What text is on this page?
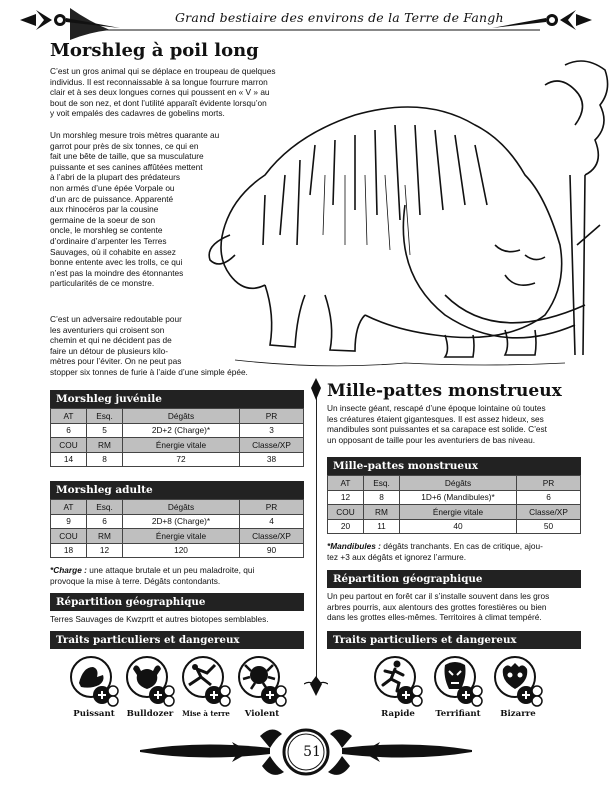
Grand bestiaire des environs de la Terre de Fangh
Morshleg à poil long
C’est un gros animal qui se déplace en troupeau de quelques
individus. Il est reconnaissable à sa longue fourrure marron
clair et à ses deux longues cornes qui poussent en « V » au
bout de son nez, et dont l’utilité apparaît évidente lorsqu’on
y voit empalés des cadavres de gobelins morts.
Un morshleg mesure trois mètres quarante au
garrot pour près de six tonnes, ce qui en
fait une bête de taille, que sa musculature
puissante et ses canines affûtées mettent
à l’abri de la plupart des prédateurs
non armés d’une épée Vorpale ou
d’un arc de puissance. Apparenté
aux rhinocéros par la cousine
germaine de la soeur de son
oncle, le morshleg se contente
d’ordinaire d’arpenter les Terres
Sauvages, où il cohabite en assez
bonne entente avec les trolls, ce qui
n’est pas la moindre des étonnantes
particularités de ce monstre.
C’est un adversaire redoutable pour
les aventuriers qui croisent son
chemin et qui ne décident pas de
faire un détour de plusieurs kilo-
mètres pour l’éviter. On ne peut pas
stopper six tonnes de furie à l’aide d’une simple épée.
Morshleg juvénile
AT	Esq.	Dégâts	PR
6	5	2D+2 (Charge)*	3
COU	RM	Énergie vitale	Classe/XP
14	8	72	38
Morshleg adulte
AT	Esq.	Dégâts	PR
9	6	2D+8 (Charge)*	4
COU	RM	Énergie vitale	Classe/XP
18	12	120	90
*Charge : une attaque brutale et un peu maladroite, qui
provoque la mise à terre. Dégâts contondants.
Répartition géographique
Terres Sauvages de Kwzprtt et autres biotopes semblables.
Traits particuliers et dangereux
Puissant Bulldozer Mise à terre Violent
Mille-pattes monstrueux
Un insecte géant, rescapé d’une époque lointaine où toutes
les créatures étaient gigantesques. Il est assez hideux, ses
mandibules sont puissantes et sa carapace est solide. C’est
un opposant de taille pour les aventuriers de bas niveau.
Mille-pattes monstrueux
AT	Esq.	Dégâts	PR
12	8	1D+6 (Mandibules)*	6
COU	RM	Énergie vitale	Classe/XP
20	11	40	50
*Mandibules : dégâts tranchants. En cas de critique, ajou-
tez +3 aux dégâts et ignorez l’armure.
Répartition géographique
Un peu partout en forêt car il s’installe souvent dans les gros
arbres pourris, aux alentours des grottes forestières ou bien
dans les grottes elles-mêmes. Territoires à climat tempéré.
Traits particuliers et dangereux
Rapide Terrifiant Bizarre
51
